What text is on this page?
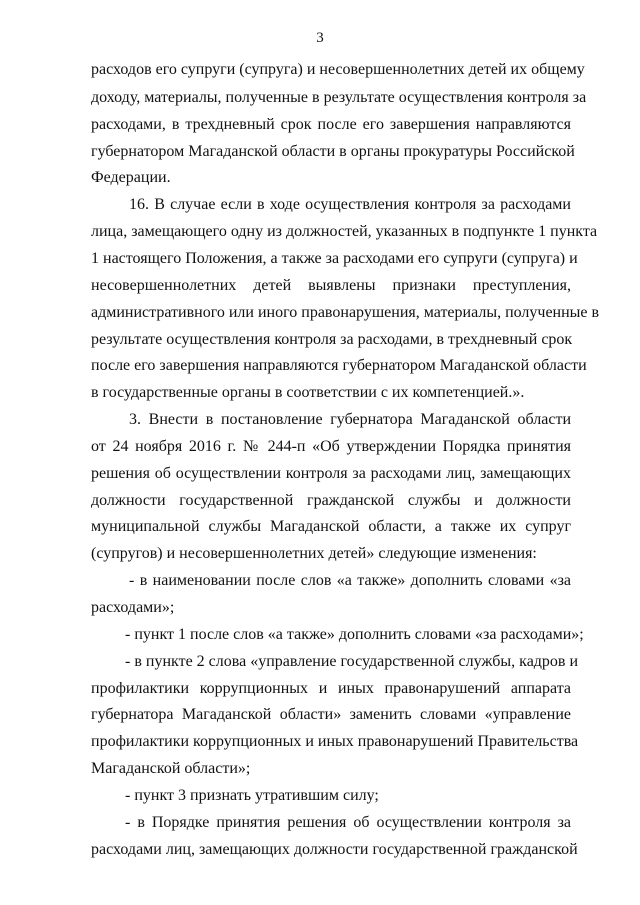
3
расходов его супруги (супруга) и несовершеннолетних детей их общему
доходу, материалы, полученные в результате осуществления контроля за
расходами, в трехдневный срок после его завершения направляются
губернатором Магаданской области в органы прокуратуры Российской
Федерации.
16. В случае если в ходе осуществления контроля за расходами
лица, замещающего одну из должностей, указанных в подпункте 1 пункта
1 настоящего Положения, а также за расходами его супруги (супруга) и
несовершеннолетних детей выявлены признаки преступления,
административного или иного правонарушения, материалы, полученные в
результате осуществления контроля за расходами, в трехдневный срок
после его завершения направляются губернатором Магаданской области
в государственные органы в соответствии с их компетенцией.».
3. Внести в постановление губернатора Магаданской области
от 24 ноября 2016 г. № 244-п «Об утверждении Порядка принятия
решения об осуществлении контроля за расходами лиц, замещающих
должности государственной гражданской службы и должности
муниципальной службы Магаданской области, а также их супруг
(супругов) и несовершеннолетних детей» следующие изменения:
- в наименовании после слов «а также» дополнить словами «за
расходами»;
- пункт 1 после слов «а также» дополнить словами «за расходами»;
- в пункте 2 слова «управление государственной службы, кадров и
профилактики коррупционных и иных правонарушений аппарата
губернатора Магаданской области» заменить словами «управление
профилактики коррупционных и иных правонарушений Правительства
Магаданской области»;
- пункт 3 признать утратившим силу;
- в Порядке принятия решения об осуществлении контроля за
расходами лиц, замещающих должности государственной гражданской
